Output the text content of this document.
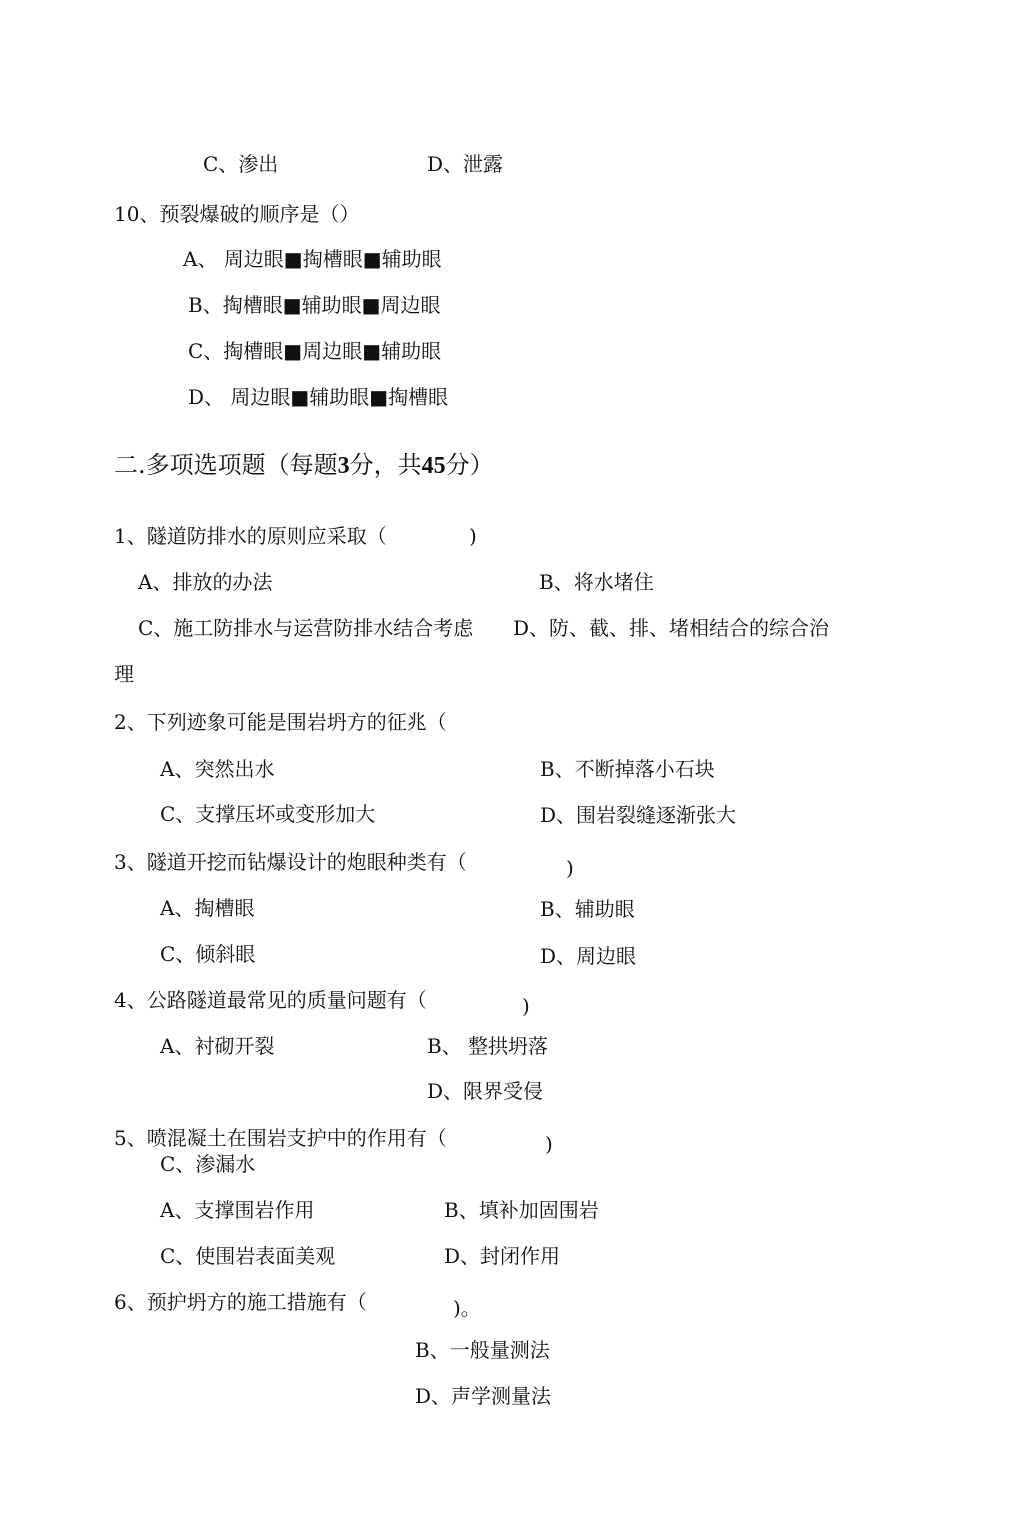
C、渗出	D、泄露
10、预裂爆破的顺序是（）
A、 周边眼■掏槽眼■辅助眼
B、掏槽眼■辅助眼■周边眼
C、掏槽眼■周边眼■辅助眼
D、 周边眼■辅助眼■掏槽眼
二.多项选项题（每题3分，共45分）
1、隧道防排水的原则应采取（	)
A、排放的办法	B、将水堵住
C、施工防排水与运营防排水结合考虑 D、防、截、排、堵相结合的综合治
理
2、下列迹象可能是围岩坍方的征兆（
A、突然出水	B、不断掉落小石块
C、支撑压坏或变形加大	D、围岩裂缝逐渐张大
3、隧道开挖而钻爆设计的炮眼种类有（	)
A、掏槽眼	B、辅助眼
C、倾斜眼	D、周边眼
4、公路隧道最常见的质量问题有（	)
A、衬砌开裂	B、 整拱坍落
D、限界受侵
5、喷混凝土在围岩支护中的作用有（	)
C、渗漏水
A、支撑围岩作用	B、填补加固围岩
C、使围岩表面美观	D、封闭作用
6、预护坍方的施工措施有（	)。
B、一般量测法
D、声学测量法
